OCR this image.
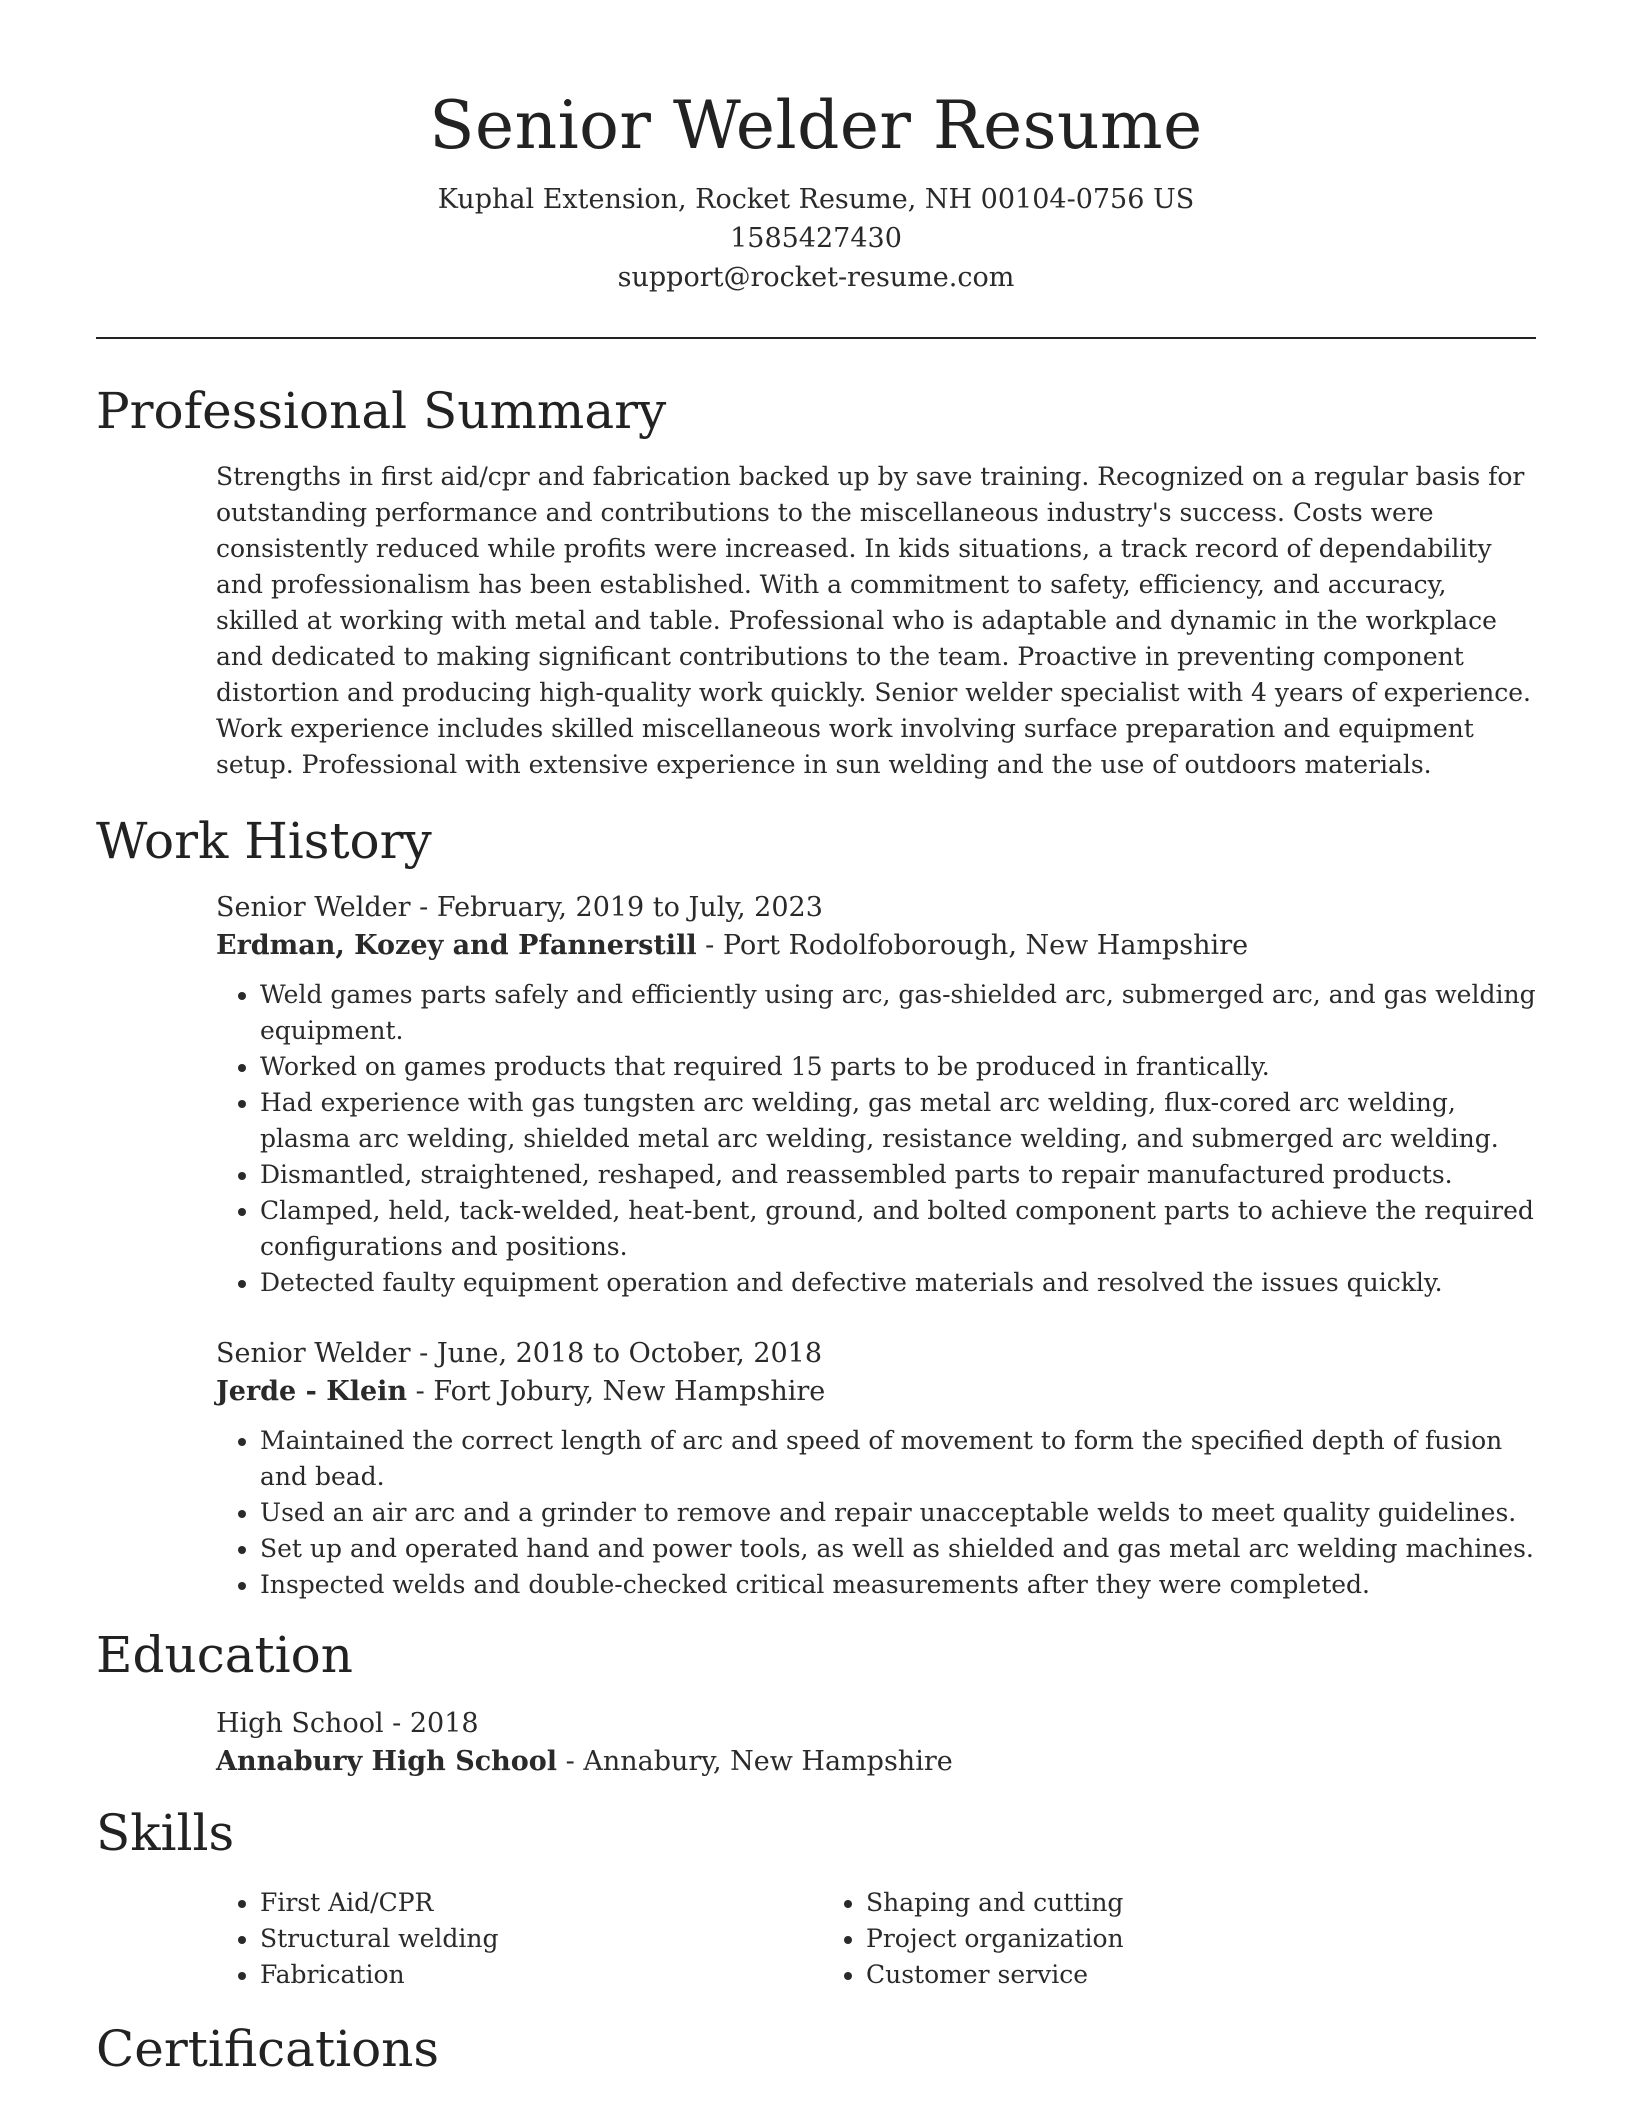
Senior Welder Resume
Kuphal Extension, Rocket Resume, NH 00104-0756 US
1585427430
support@rocket-resume.com
Professional Summary
Strengths in first aid/cpr and fabrication backed up by save training. Recognized on a regular basis for outstanding performance and contributions to the miscellaneous industry's success. Costs were consistently reduced while profits were increased. In kids situations, a track record of dependability and professionalism has been established. With a commitment to safety, efficiency, and accuracy, skilled at working with metal and table. Professional who is adaptable and dynamic in the workplace and dedicated to making significant contributions to the team. Proactive in preventing component distortion and producing high-quality work quickly. Senior welder specialist with 4 years of experience. Work experience includes skilled miscellaneous work involving surface preparation and equipment setup. Professional with extensive experience in sun welding and the use of outdoors materials.
Work History
Senior Welder - February, 2019 to July, 2023
Erdman, Kozey and Pfannerstill - Port Rodolfoborough, New Hampshire
• Weld games parts safely and efficiently using arc, gas-shielded arc, submerged arc, and gas welding equipment.
• Worked on games products that required 15 parts to be produced in frantically.
• Had experience with gas tungsten arc welding, gas metal arc welding, flux-cored arc welding, plasma arc welding, shielded metal arc welding, resistance welding, and submerged arc welding.
• Dismantled, straightened, reshaped, and reassembled parts to repair manufactured products.
• Clamped, held, tack-welded, heat-bent, ground, and bolted component parts to achieve the required configurations and positions.
• Detected faulty equipment operation and defective materials and resolved the issues quickly.
Senior Welder - June, 2018 to October, 2018
Jerde - Klein - Fort Jobury, New Hampshire
• Maintained the correct length of arc and speed of movement to form the specified depth of fusion and bead.
• Used an air arc and a grinder to remove and repair unacceptable welds to meet quality guidelines.
• Set up and operated hand and power tools, as well as shielded and gas metal arc welding machines.
• Inspected welds and double-checked critical measurements after they were completed.
Education
High School - 2018
Annabury High School - Annabury, New Hampshire
Skills
• First Aid/CPR
• Structural welding
• Fabrication
• Shaping and cutting
• Project organization
• Customer service
Certifications
